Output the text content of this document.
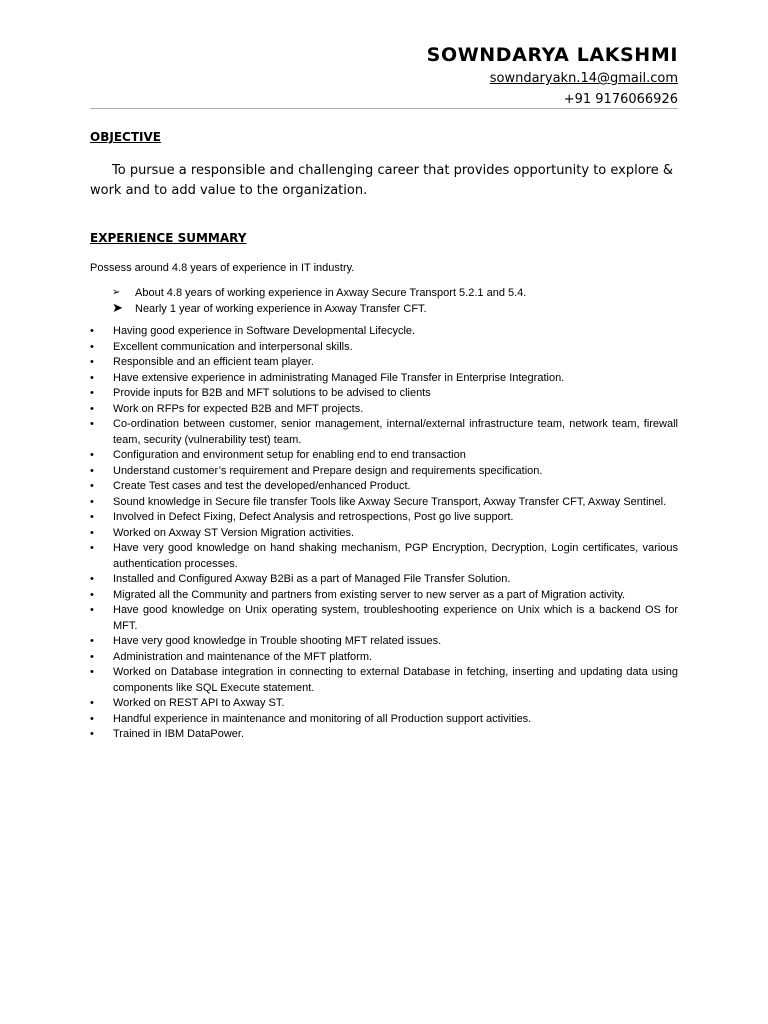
SOWNDARYA LAKSHMI
sowndaryakn.14@gmail.com
+91 9176066926
OBJECTIVE
To pursue a responsible and challenging career that provides opportunity to explore & work and to add value to the organization.
EXPERIENCE SUMMARY
Possess around 4.8 years of experience in IT industry.
➢ About 4.8 years of working experience in Axway Secure Transport 5.2.1 and 5.4.
➤ Nearly 1 year of working experience in Axway Transfer CFT.
• Having good experience in Software Developmental Lifecycle.
• Excellent communication and interpersonal skills.
• Responsible and an efficient team player.
• Have extensive experience in administrating Managed File Transfer in Enterprise Integration.
• Provide inputs for B2B and MFT solutions to be advised to clients
• Work on RFPs for expected B2B and MFT projects.
• Co-ordination between customer, senior management, internal/external infrastructure team, network team, firewall team, security (vulnerability test) team.
• Configuration and environment setup for enabling end to end transaction
• Understand customer’s requirement and Prepare design and requirements specification.
• Create Test cases and test the developed/enhanced Product.
• Sound knowledge in Secure file transfer Tools like Axway Secure Transport, Axway Transfer CFT, Axway Sentinel.
• Involved in Defect Fixing, Defect Analysis and retrospections, Post go live support.
• Worked on Axway ST Version Migration activities.
• Have very good knowledge on hand shaking mechanism, PGP Encryption, Decryption, Login certificates, various authentication processes.
• Installed and Configured Axway B2Bi as a part of Managed File Transfer Solution.
• Migrated all the Community and partners from existing server to new server as a part of Migration activity.
• Have good knowledge on Unix operating system, troubleshooting experience on Unix which is a backend OS for MFT.
• Have very good knowledge in Trouble shooting MFT related issues.
• Administration and maintenance of the MFT platform.
• Worked on Database integration in connecting to external Database in fetching, inserting and updating data using components like SQL Execute statement.
• Worked on REST API to Axway ST.
• Handful experience in maintenance and monitoring of all Production support activities.
• Trained in IBM DataPower.
